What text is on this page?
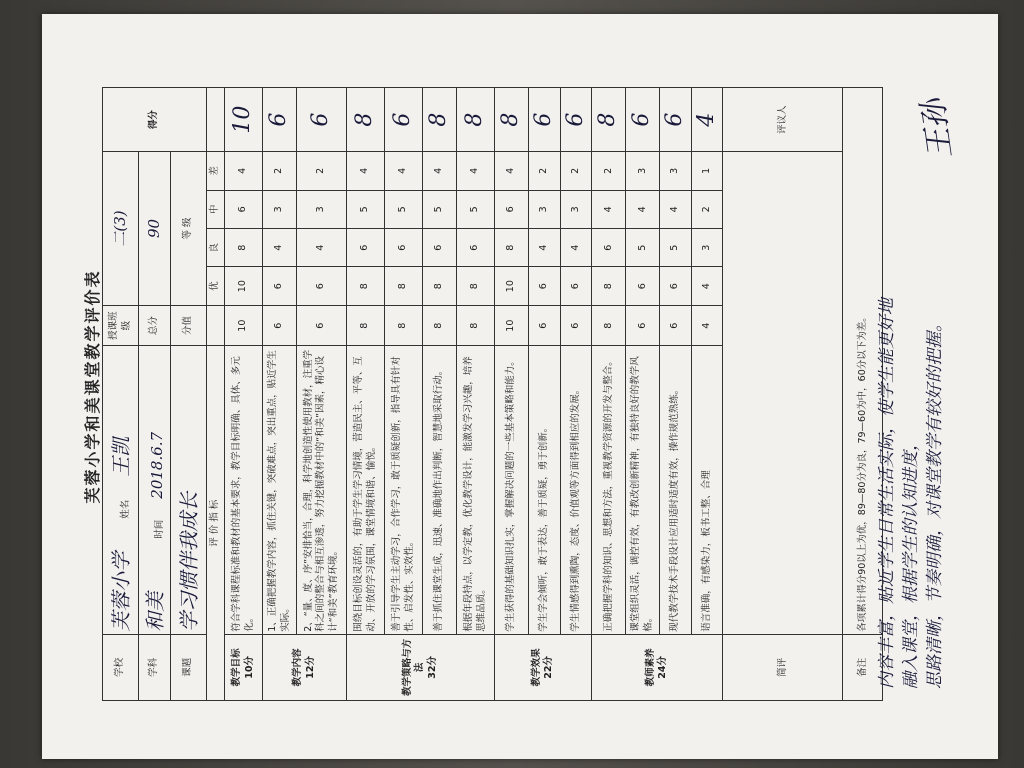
芙蓉小学和美课堂教学评价表
学校	芙蓉小学 姓名 王凯	授课班级	二(3)				得分
学科	和美 时间 2018.6.7	总分	90				
课题	学习惯伴我成长	分值	等 级				
评 价 指 标			优	良	中	差	
教学目标
10分	符合学科课程标准和教材的基本要求，教学目标明确、具体、多元化。	10	10	8	6	4	10
教学内容
12分	1、正确把握教学内容，抓住关键，突破难点，突出重点，贴近学生实际。	6	6	4	3	2	6
	2、“量、度、序”安排恰当，合理，科学地创造性使用教材，注重学科之间的整合与相互渗透，努力挖掘教材中的“和美”因素，精心设计“和美”教育环境。	6	6	4	3	2	6
教学策略与方法
32分	围绕目标创设灵活的，有助于学生学习情境，营造民主、平等、互动、开放的学习氛围，课堂情境和谐、愉悦。	8	8	6	5	4	8
	善于引导学生主动学习，合作学习，敢于质疑创新，指导具有针对性、启发性、实效性。	8	8	6	5	4	6
	善于抓住课堂生成，迅速、准确地作出判断，智慧地采取行动。	8	8	6	5	4	8
	根据年段特点，以学定教，优化教学设计，能激发学习兴趣，培养思维品质。	8	8	6	5	4	8
教学效果
22分	学生获得的基础知识扎实，掌握解决问题的一些基本策略和能力。	10	10	8	6	4	8
	学生学会倾听，敢于表达，善于质疑，勇于创新。	6	6	4	3	2	6
	学生情感得到熏陶，态度、价值观等方面得到相应的发展。	6	6	4	3	2	6
教师素养
24分	正确把握学科的知识、思想和方法，重视教学资源的开发与整合。	8	8	6	4	2	8
	课堂组织灵活，调控有效，有教改创新精神，有独特良好的教学风格。	6	6	5	4	3	6
	现代教学技术手段设计应用适时适度有效，操作规范熟练。	6	6	5	4	3	6
	语言准确，有感染力，板书工整、合理	4	4	3	2	1	4
简评							评议人
备注	各项累计得分90以上为优，89—80分为良，79—60为中，60分以下为差。						内容丰富，贴近学生日常生活实际，使学生能更好地 融入课堂，根据学生的认知进度， 思路清晰，节奏明确，对课堂教学有较好的把握。
王孙
